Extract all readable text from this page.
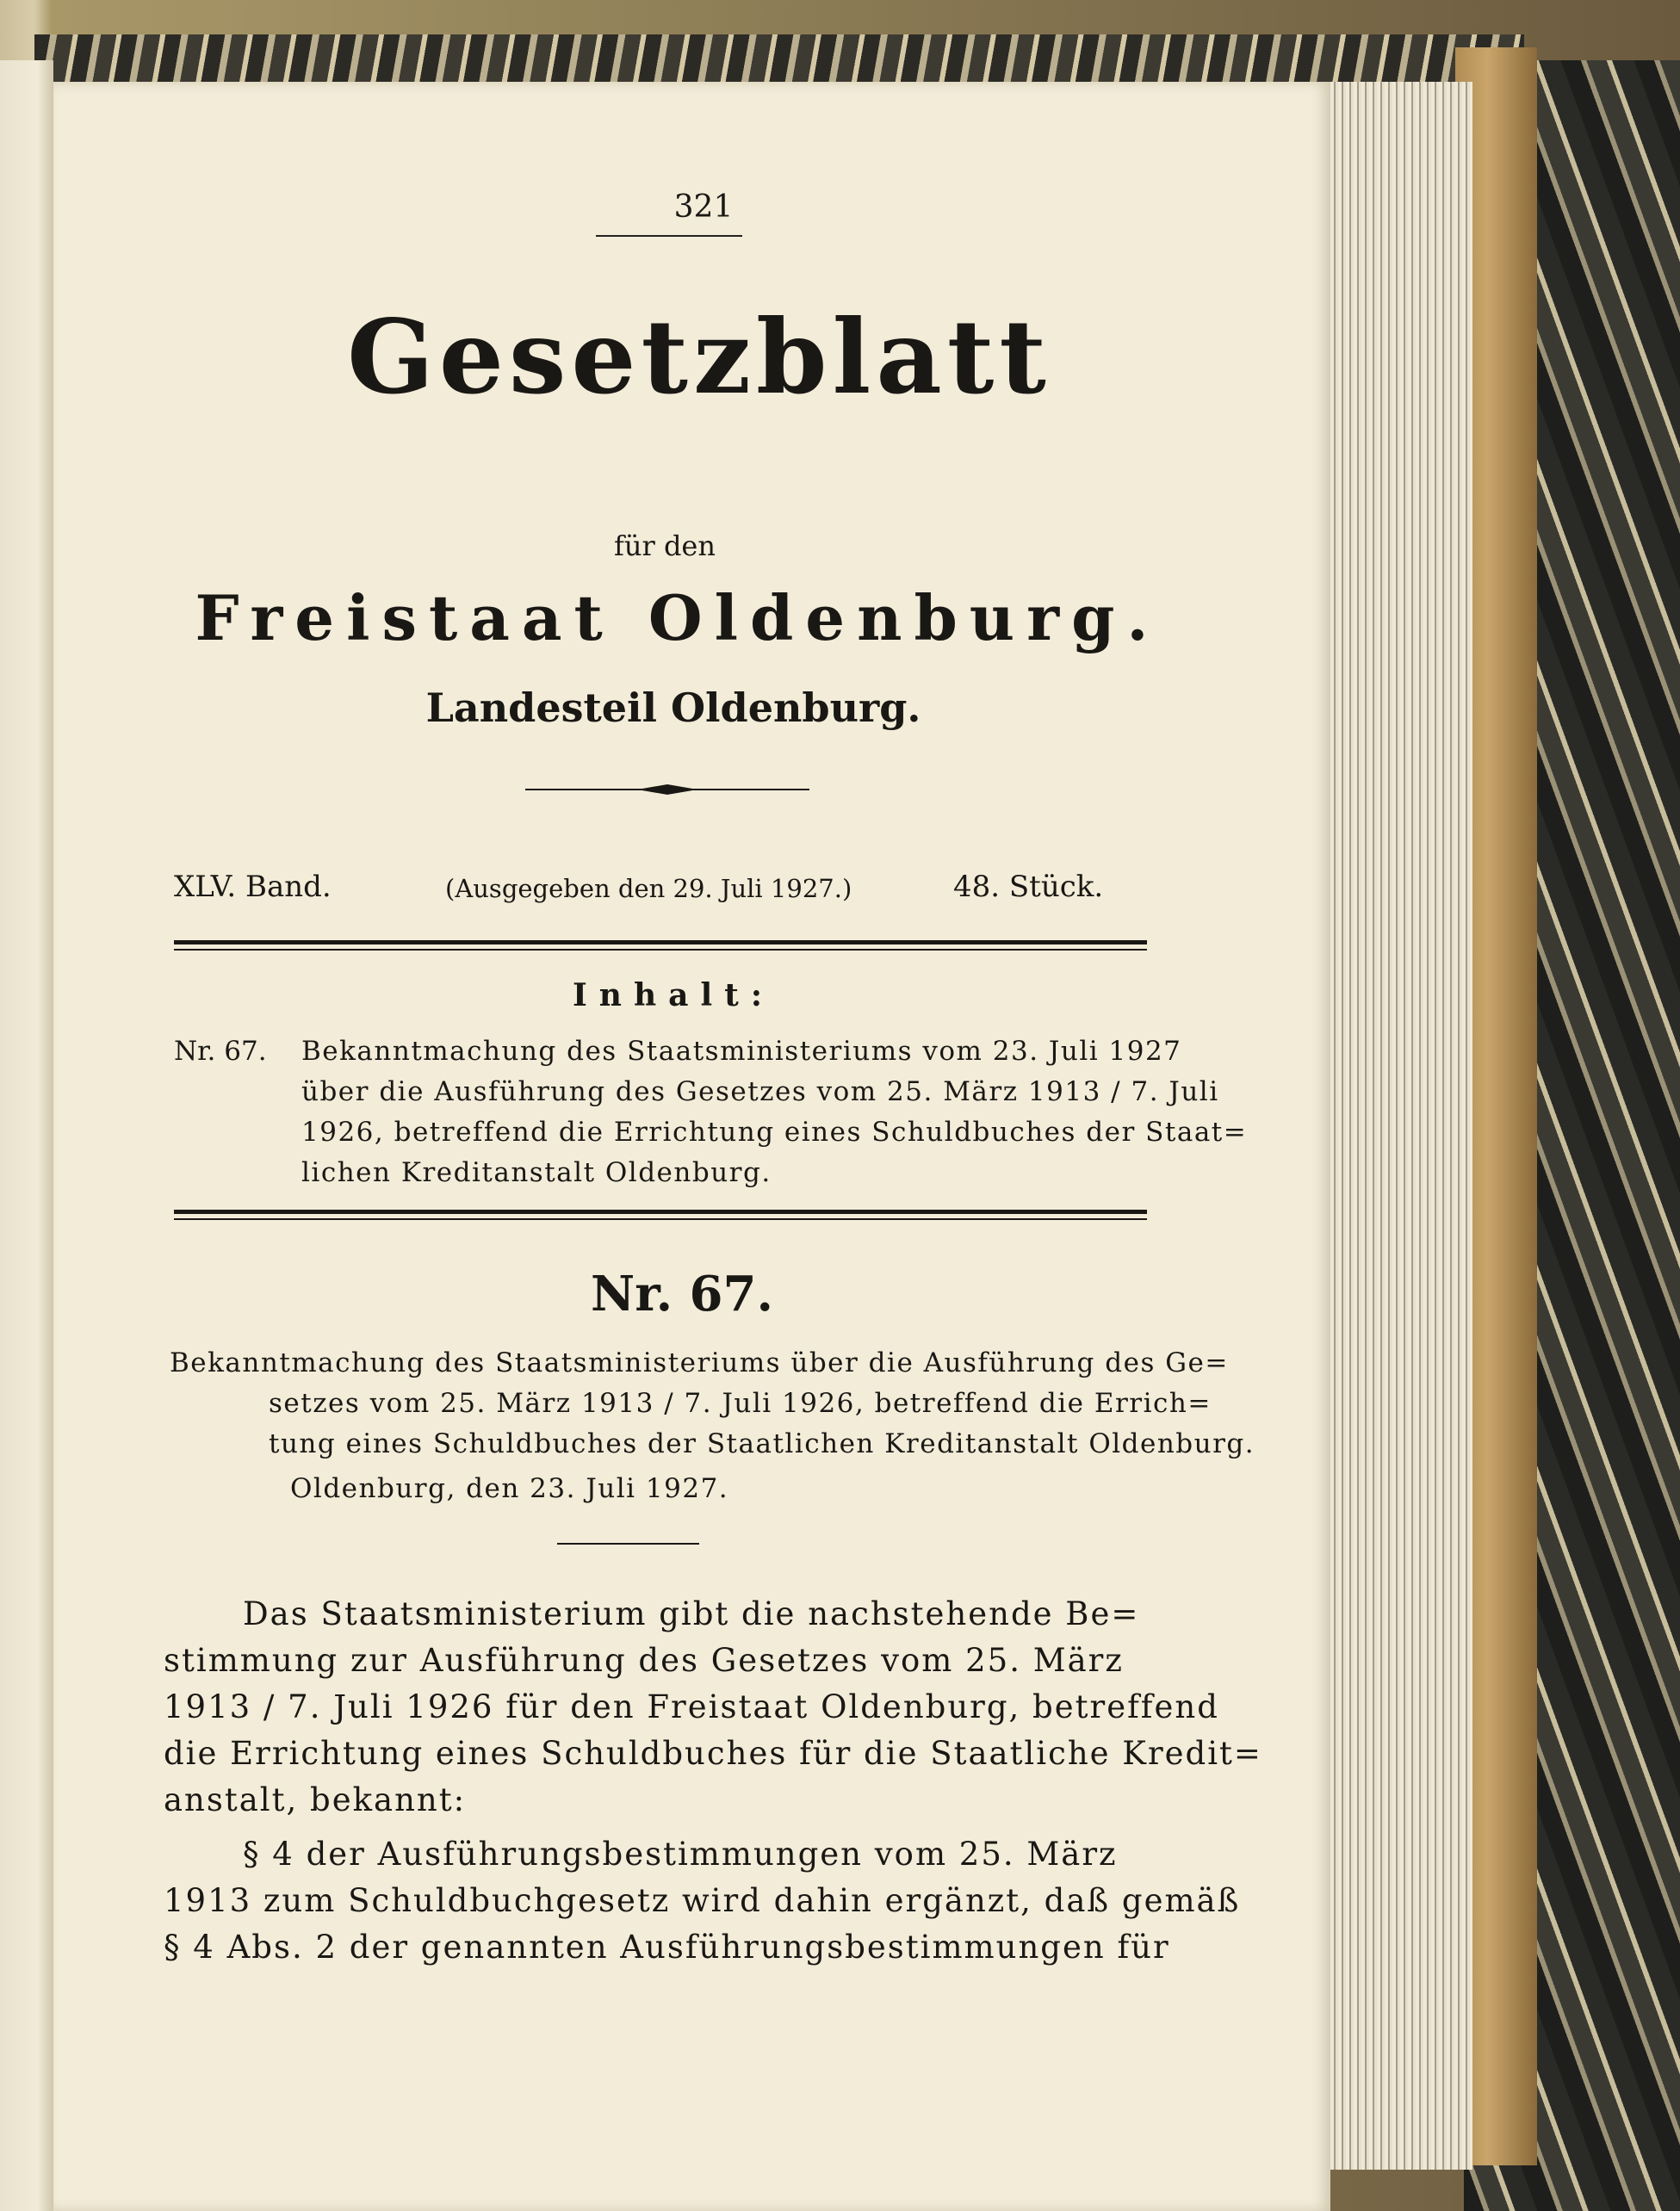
321
Gesetzblatt
für den
Freistaat Oldenburg.
Landesteil Oldenburg.
XLV. Band.	(Ausgegeben den 29. Juli 1927.)	48. Stück.
Inhalt:
Nr. 67. Bekanntmachung des Staatsministeriums vom 23. Juli 1927
über die Ausführung des Gesetzes vom 25. März 1913 / 7. Juli
1926, betreffend die Errichtung eines Schuldbuches der Staat=
lichen Kreditanstalt Oldenburg.
Nr. 67.
Bekanntmachung des Staatsministeriums über die Ausführung des Ge=
setzes vom 25. März 1913 / 7. Juli 1926, betreffend die Errich=
tung eines Schuldbuches der Staatlichen Kreditanstalt Oldenburg.
Oldenburg, den 23. Juli 1927.
Das Staatsministerium gibt die nachstehende Be=
stimmung zur Ausführung des Gesetzes vom 25. März
1913 / 7. Juli 1926 für den Freistaat Oldenburg, betreffend
die Errichtung eines Schuldbuches für die Staatliche Kredit=
anstalt, bekannt:
§ 4 der Ausführungsbestimmungen vom 25. März
1913 zum Schuldbuchgesetz wird dahin ergänzt, daß gemäß
§ 4 Abs. 2 der genannten Ausführungsbestimmungen für
